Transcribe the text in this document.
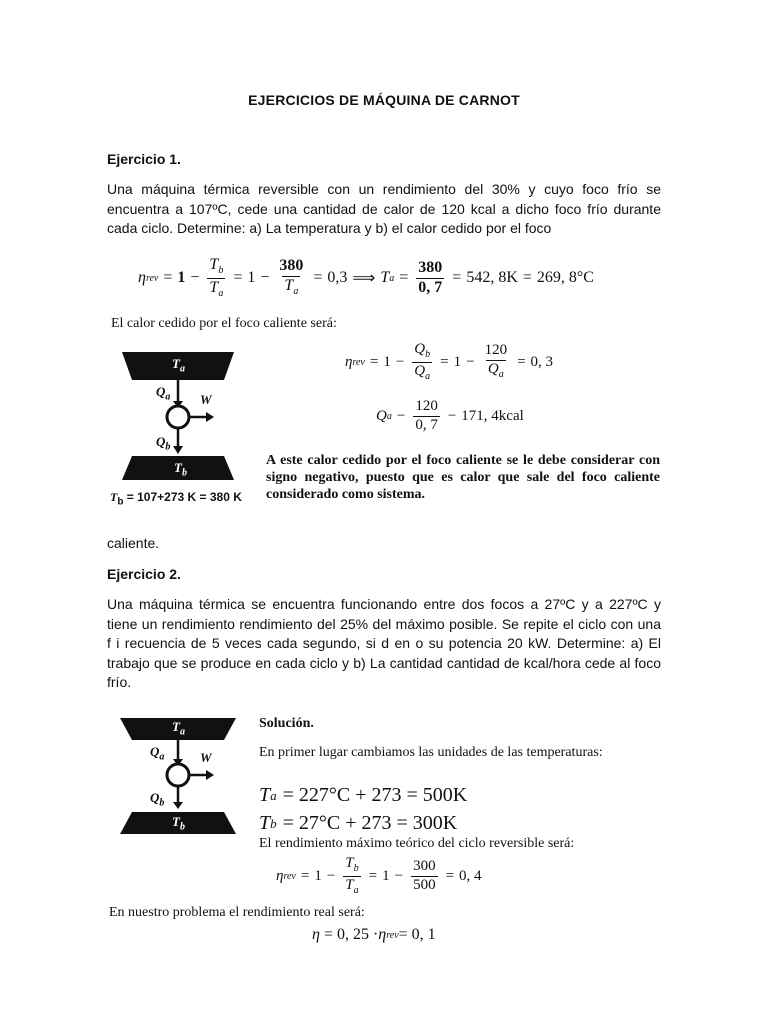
EJERCICIOS DE MÁQUINA DE CARNOT
Ejercicio 1.

Una máquina térmica reversible con un rendimiento del 30% y cuyo foco frío se encuentra a 107ºC, cede una cantidad de calor de 120 kcal a dicho foco frío durante cada ciclo. Determine: a) La temperatura y b) el calor cedido por el foco

η rev = $1 - \frac{T_b}{T_a} = 1 - \frac{380}{T_a} = 0,3$ ⟹ T $a = \frac{380}{0, 7} = 542$, 8K = 269, 8°C
El calor cedido por el foco caliente será:
$T_a$
$Q_a$ W
$Q_b$
$T_b$
$T_b = 107+273$ K = 380 K
η rev = $1 - \frac{Q_b}{Q_a} = 1 - \frac{120}{Q_a} = 0$, 3
Q $a - \frac{120}{0, 7} - 171$, 4kcal
A este calor cedido por el foco caliente se le debe considerar con signo negativo, puesto que es calor que sale del foco caliente considerado como sistema.
caliente.
Ejercicio 2.

Una máquina térmica se encuentra funcionando entre dos focos a 27ºC y a 227ºC y tiene un rendimiento rendimiento del 25% del máximo posible. Se repite el ciclo con una f i recuencia de 5 veces cada segundo, si d en o su potencia 20 kW. Determine: a) El trabajo que se produce en cada ciclo y b) La cantidad cantidad de kcal/hora cede al foco frío.

$T_a$
$Q_a$	W
$Q_b$
$T_b$
Solución.
En primer lugar cambiamos las unidades de las temperaturas:
T a = 227°C + 273 = 500K
T b = 27°C + 273 = 300K
El rendimiento máximo teórico del ciclo reversible será:
η rev = $1 - \frac{T_b}{T_a} = 1 - \frac{300}{500} = 0$, 4
En nuestro problema el rendimiento real será:
η = 0, 25 · η rev = 0, 1
